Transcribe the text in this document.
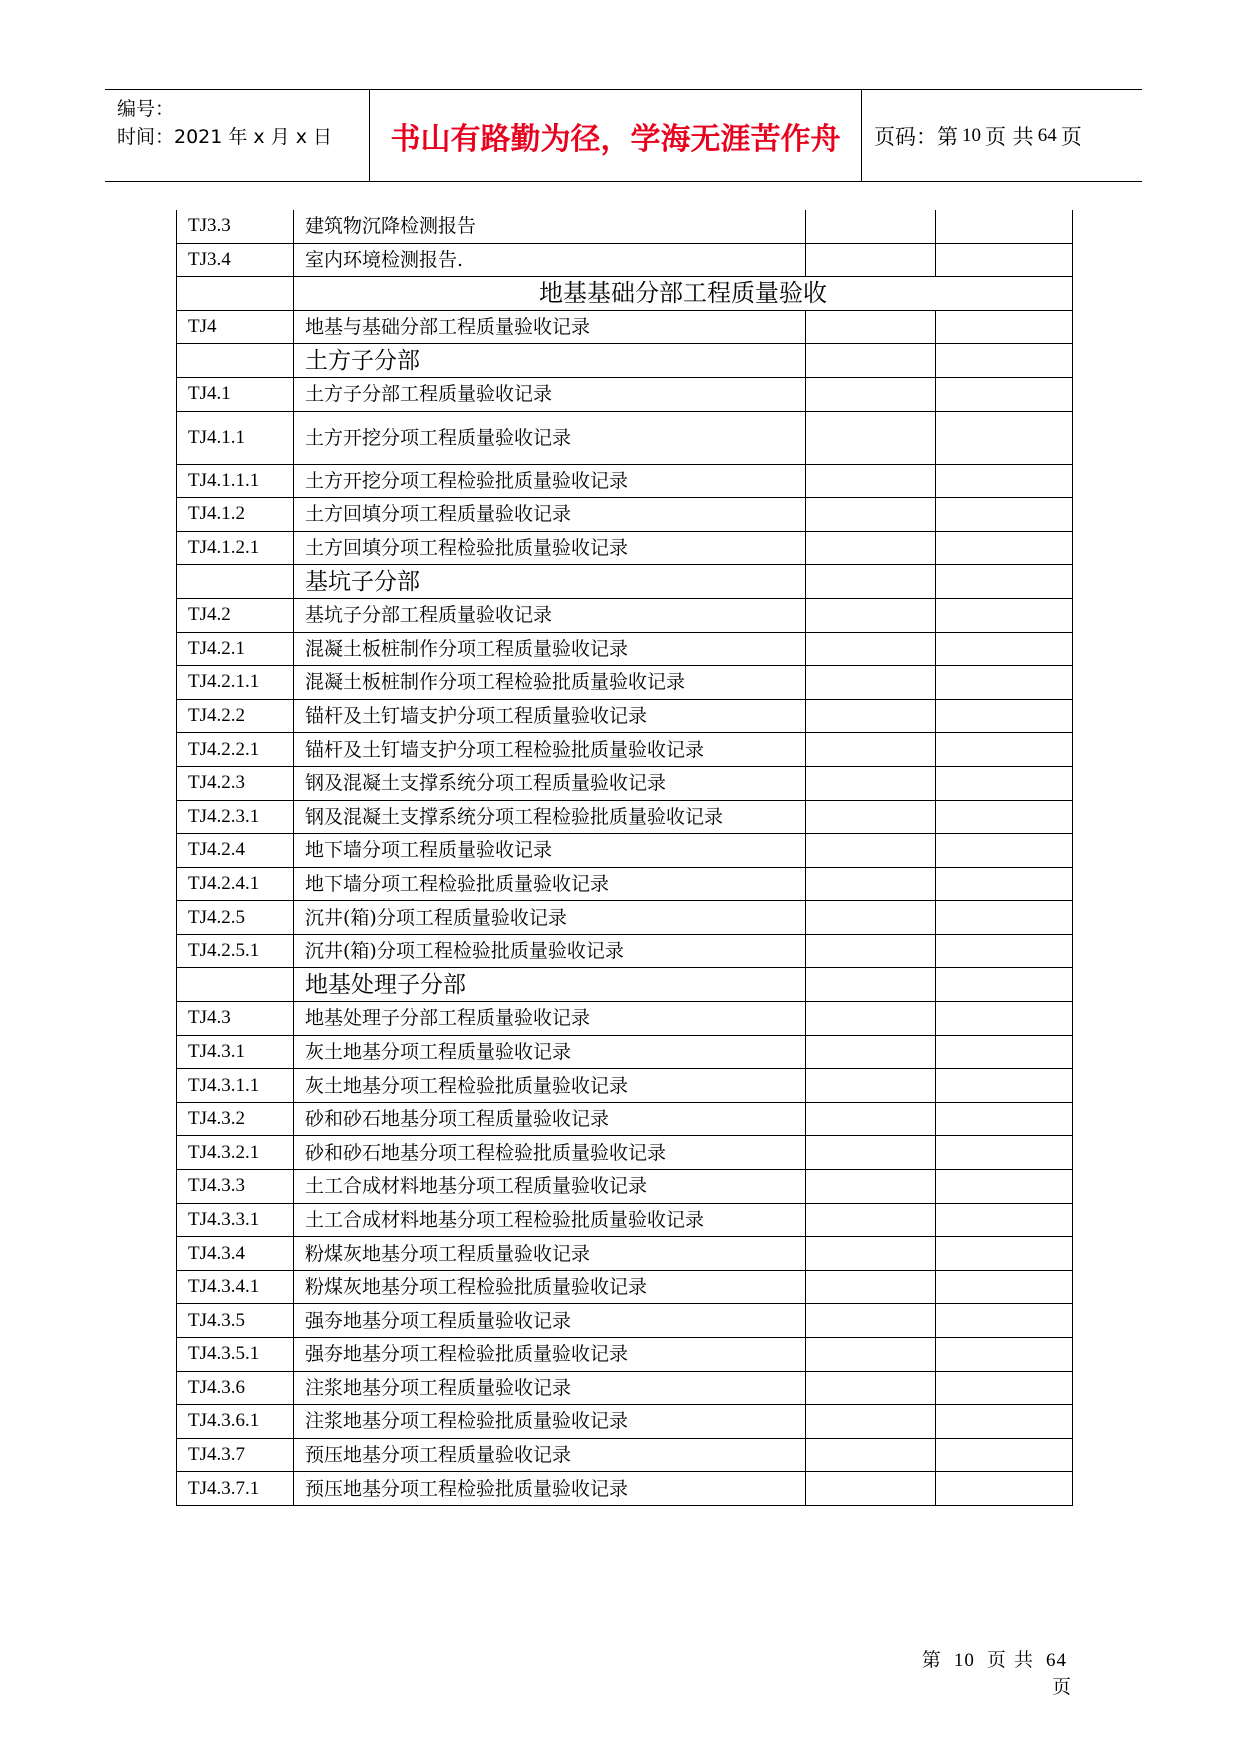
编号：
时间：2021 年 x 月 x 日	书山有路勤为径，学海无涯苦作舟	页码：第 10 页 共 64 页
TJ3.3	建筑物沉降检测报告		
TJ3.4	室内环境检测报告.		
	地基基础分部工程质量验收		
TJ4	地基与基础分部工程质量验收记录		
	土方子分部		
TJ4.1	土方子分部工程质量验收记录		
TJ4.1.1	土方开挖分项工程质量验收记录		
TJ4.1.1.1	土方开挖分项工程检验批质量验收记录		
TJ4.1.2	土方回填分项工程质量验收记录		
TJ4.1.2.1	土方回填分项工程检验批质量验收记录		
	基坑子分部		
TJ4.2	基坑子分部工程质量验收记录		
TJ4.2.1	混凝土板桩制作分项工程质量验收记录		
TJ4.2.1.1	混凝土板桩制作分项工程检验批质量验收记录		
TJ4.2.2	锚杆及土钉墙支护分项工程质量验收记录		
TJ4.2.2.1	锚杆及土钉墙支护分项工程检验批质量验收记录		
TJ4.2.3	钢及混凝土支撑系统分项工程质量验收记录		
TJ4.2.3.1	钢及混凝土支撑系统分项工程检验批质量验收记录		
TJ4.2.4	地下墙分项工程质量验收记录		
TJ4.2.4.1	地下墙分项工程检验批质量验收记录		
TJ4.2.5	沉井(箱)分项工程质量验收记录		
TJ4.2.5.1	沉井(箱)分项工程检验批质量验收记录		
	地基处理子分部		
TJ4.3	地基处理子分部工程质量验收记录		
TJ4.3.1	灰土地基分项工程质量验收记录		
TJ4.3.1.1	灰土地基分项工程检验批质量验收记录		
TJ4.3.2	砂和砂石地基分项工程质量验收记录		
TJ4.3.2.1	砂和砂石地基分项工程检验批质量验收记录		
TJ4.3.3	土工合成材料地基分项工程质量验收记录		
TJ4.3.3.1	土工合成材料地基分项工程检验批质量验收记录		
TJ4.3.4	粉煤灰地基分项工程质量验收记录		
TJ4.3.4.1	粉煤灰地基分项工程检验批质量验收记录		
TJ4.3.5	强夯地基分项工程质量验收记录		
TJ4.3.5.1	强夯地基分项工程检验批质量验收记录		
TJ4.3.6	注浆地基分项工程质量验收记录		
TJ4.3.6.1	注浆地基分项工程检验批质量验收记录		
TJ4.3.7	预压地基分项工程质量验收记录		
TJ4.3.7.1	预压地基分项工程检验批质量验收记录		
第 10 页 共 64 页
